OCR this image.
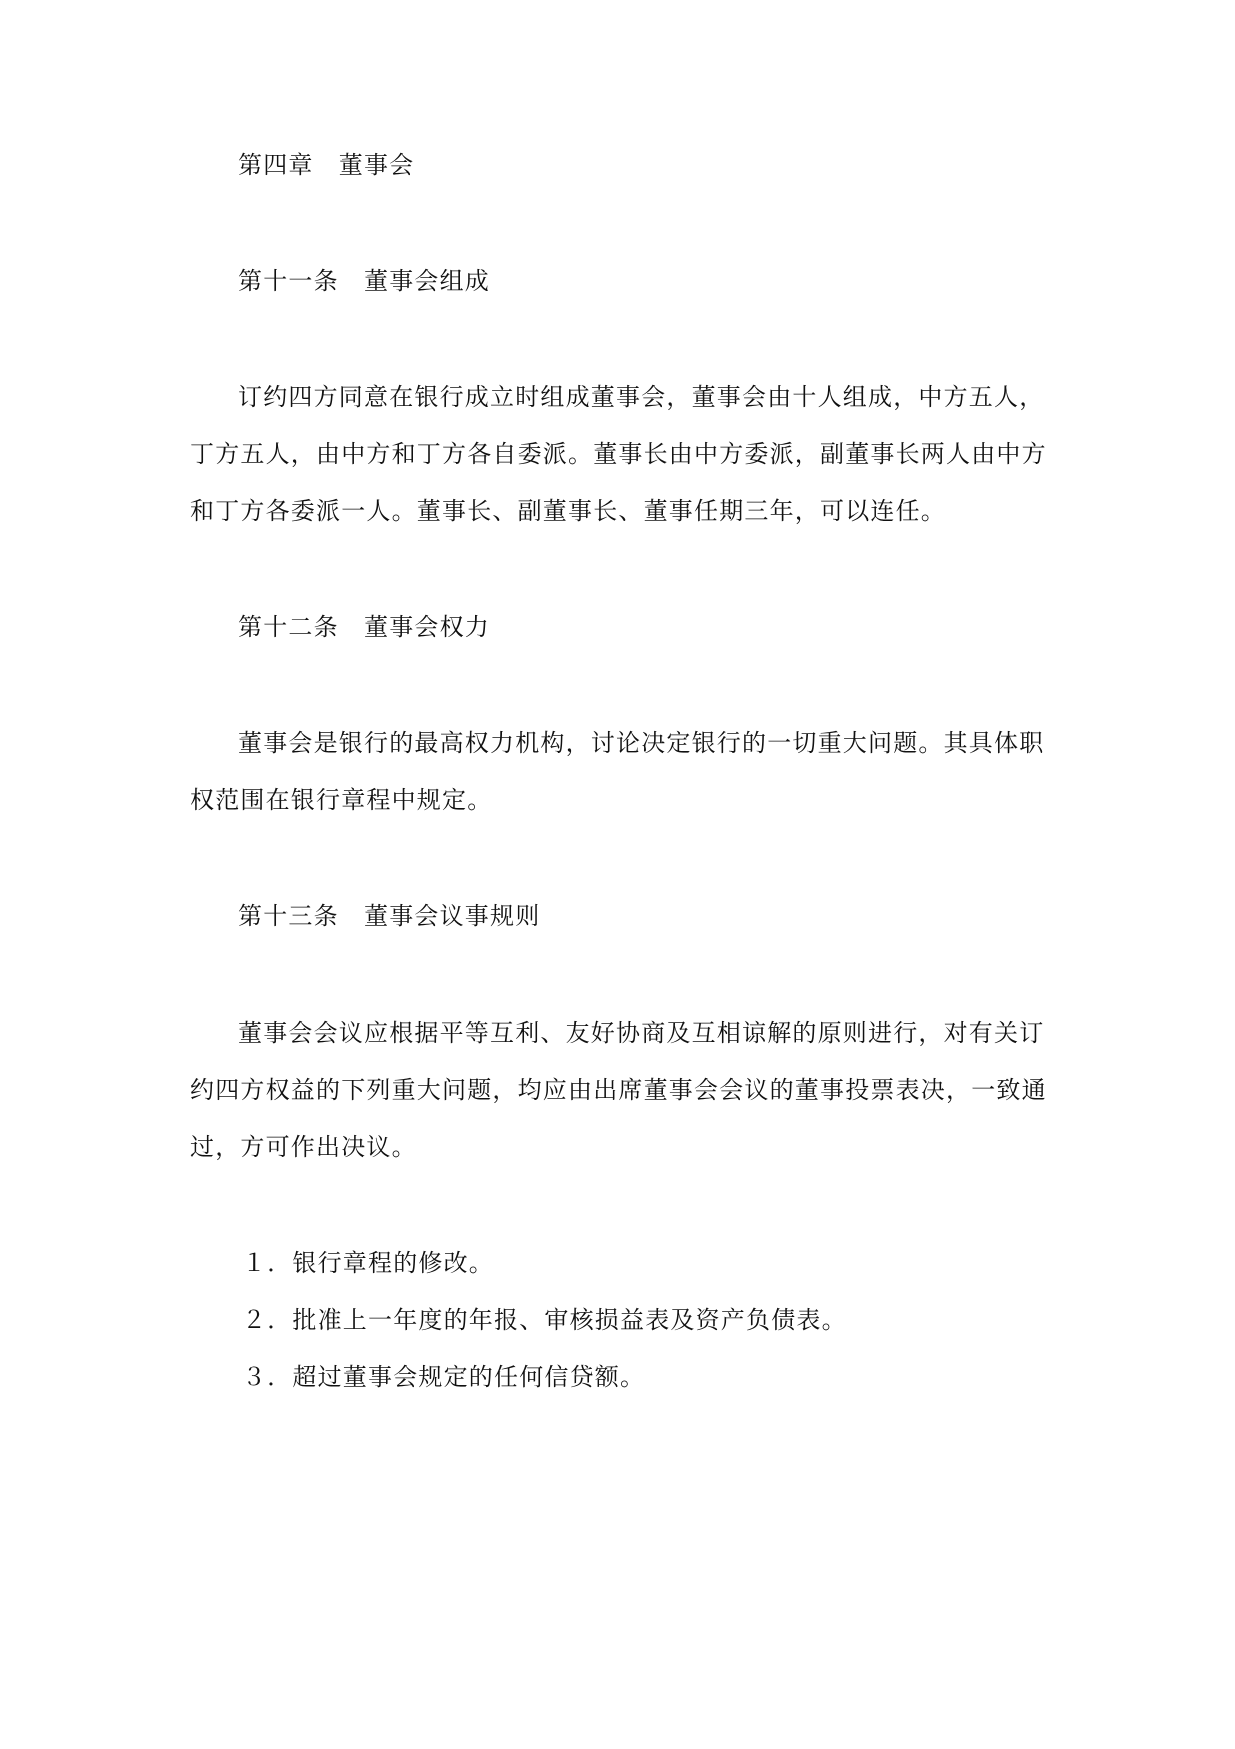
第四章　董事会
第十一条　董事会组成
订约四方同意在银行成立时组成董事会，董事会由十人组成，中方五人，
丁方五人，由中方和丁方各自委派。董事长由中方委派，副董事长两人由中方
和丁方各委派一人。董事长、副董事长、董事任期三年，可以连任。
第十二条　董事会权力
董事会是银行的最高权力机构，讨论决定银行的一切重大问题。其具体职
权范围在银行章程中规定。
第十三条　董事会议事规则
董事会会议应根据平等互利、友好协商及互相谅解的原则进行，对有关订
约四方权益的下列重大问题，均应由出席董事会会议的董事投票表决，一致通
过，方可作出决议。
１．银行章程的修改。
２．批准上一年度的年报、审核损益表及资产负债表。
３．超过董事会规定的任何信贷额。
